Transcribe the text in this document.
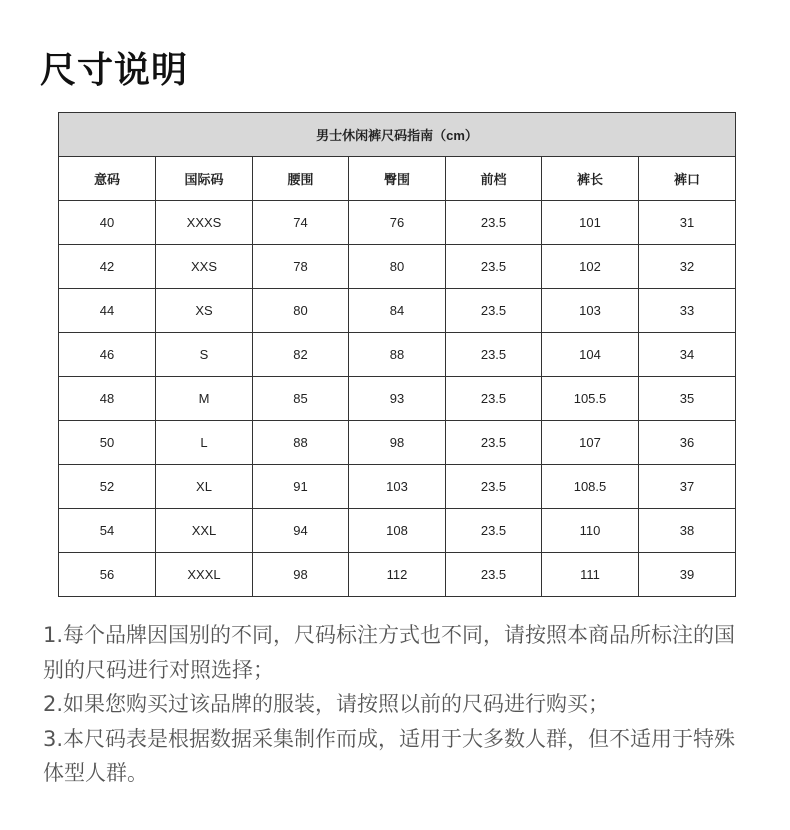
尺寸说明
男士休闲裤尺码指南（cm）						
意码	国际码	腰围	臀围	前档	裤长	裤口
40	XXXS	74	76	23.5	101	31
42	XXS	78	80	23.5	102	32
44	XS	80	84	23.5	103	33
46	S	82	88	23.5	104	34
48	M	85	93	23.5	105.5	35
50	L	88	98	23.5	107	36
52	XL	91	103	23.5	108.5	37
54	XXL	94	108	23.5	110	38
56	XXXL	98	112	23.5	111	39

1.每个品牌因国别的不同，尺码标注方式也不同，请按照本商品所标注的国别的尺码进行对照选择；

2.如果您购买过该品牌的服装，请按照以前的尺码进行购买；

3.本尺码表是根据数据采集制作而成，适用于大多数人群，但不适用于特殊体型人群。
